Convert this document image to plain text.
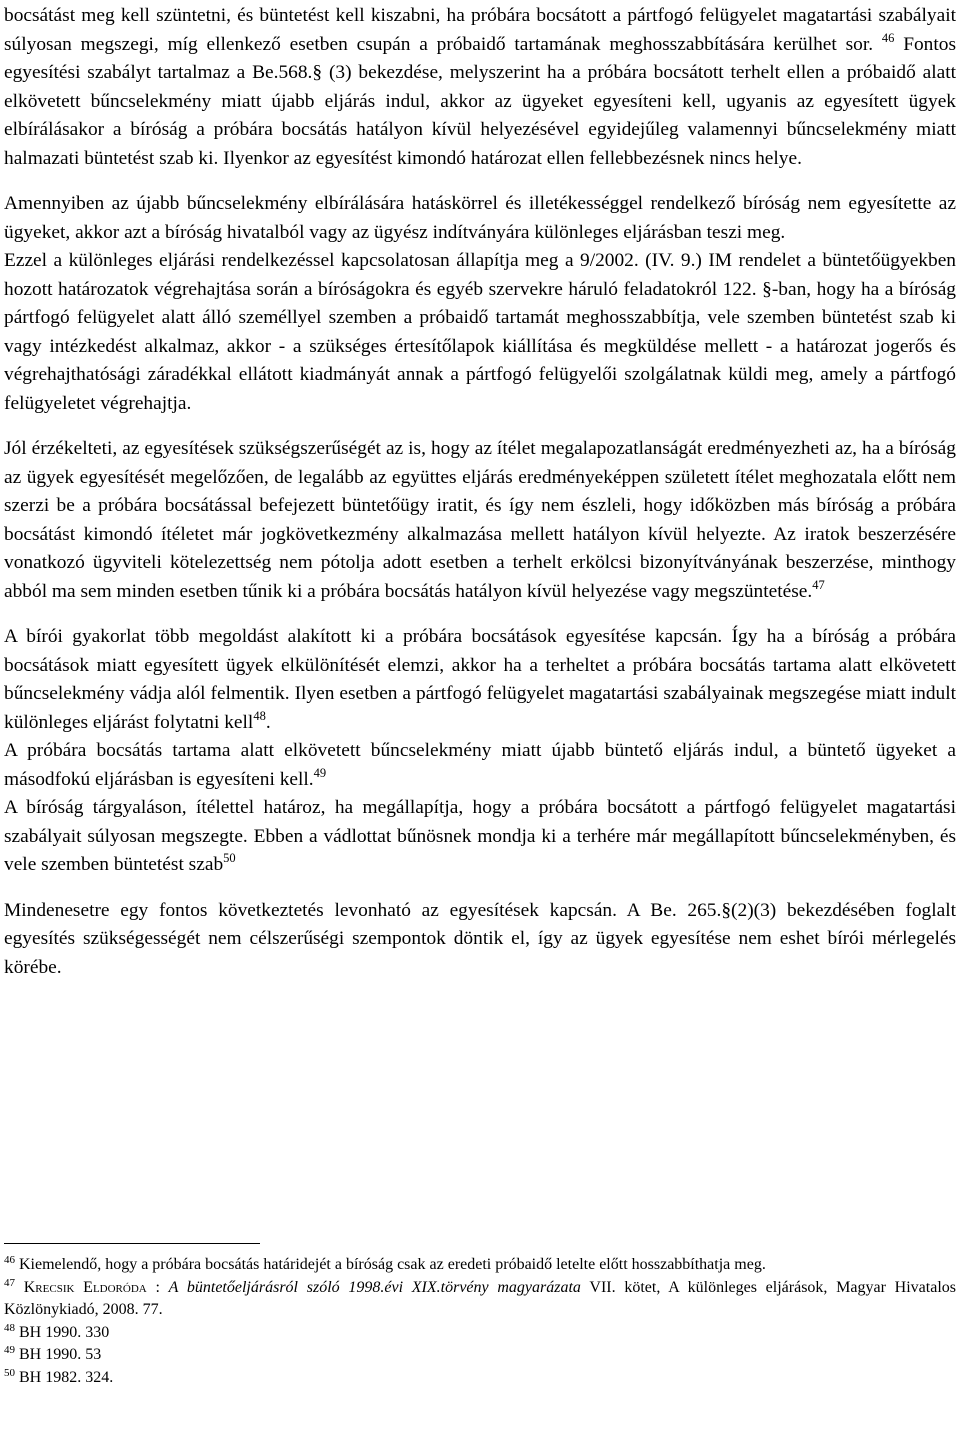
bocsátást meg kell szüntetni, és büntetést kell kiszabni, ha próbára bocsátott a pártfogó felügyelet magatartási szabályait súlyosan megszegi, míg ellenkező esetben csupán a próbaidő tartamának meghosszabbítására kerülhet sor. $^{46}$ Fontos egyesítési szabályt tartalmaz a Be.568.§ (3) bekezdése, melyszerint ha a próbára bocsátott terhelt ellen a próbaidő alatt elkövetett bűncselekmény miatt újabb eljárás indul, akkor az ügyeket egyesíteni kell, ugyanis az egyesített ügyek elbírálásakor a bíróság a próbára bocsátás hatályon kívül helyezésével egyidejűleg valamennyi bűncselekmény miatt halmazati büntetést szab ki. Ilyenkor az egyesítést kimondó határozat ellen fellebbezésnek nincs helye.

Amennyiben az újabb bűncselekmény elbírálására hatáskörrel és illetékességgel rendelkező bíróság nem egyesítette az ügyeket, akkor azt a bíróság hivatalból vagy az ügyész indítványára különleges eljárásban teszi meg.

Ezzel a különleges eljárási rendelkezéssel kapcsolatosan állapítja meg a 9/2002. (IV. 9.) IM rendelet a büntetőügyekben hozott határozatok végrehajtása során a bíróságokra és egyéb szervekre háruló feladatokról 122. §-ban, hogy ha a bíróság pártfogó felügyelet alatt álló személlyel szemben a próbaidő tartamát meghosszabbítja, vele szemben büntetést szab ki vagy intézkedést alkalmaz, akkor - a szükséges értesítőlapok kiállítása és megküldése mellett - a határozat jogerős és végrehajthatósági záradékkal ellátott kiadmányát annak a pártfogó felügyelői szolgálatnak küldi meg, amely a pártfogó felügyeletet végrehajtja.

Jól érzékelteti, az egyesítések szükségszerűségét az is, hogy az ítélet megalapozatlanságát eredményezheti az, ha a bíróság az ügyek egyesítését megelőzően, de legalább az együttes eljárás eredményeképpen született ítélet meghozatala előtt nem szerzi be a próbára bocsátással befejezett büntetőügy iratit, és így nem észleli, hogy időközben más bíróság a próbára bocsátást kimondó ítéletet már jogkövetkezmény alkalmazása mellett hatályon kívül helyezte. Az iratok beszerzésére vonatkozó ügyviteli kötelezettség nem pótolja adott esetben a terhelt erkölcsi bizonyítványának beszerzése, minthogy abból ma sem minden esetben tűnik ki a próbára bocsátás hatályon kívül helyezése vagy megszüntetése.$^{47}$

A bírói gyakorlat több megoldást alakított ki a próbára bocsátások egyesítése kapcsán. Így ha a bíróság a próbára bocsátások miatt egyesített ügyek elkülönítését elemzi, akkor ha a terheltet a próbára bocsátás tartama alatt elkövetett bűncselekmény vádja alól felmentik. Ilyen esetben a pártfogó felügyelet magatartási szabályainak megszegése miatt indult különleges eljárást folytatni kell$^{48}$.

A próbára bocsátás tartama alatt elkövetett bűncselekmény miatt újabb büntető eljárás indul, a büntető ügyeket a másodfokú eljárásban is egyesíteni kell.$^{49}$

A bíróság tárgyaláson, ítélettel határoz, ha megállapítja, hogy a próbára bocsátott a pártfogó felügyelet magatartási szabályait súlyosan megszegte. Ebben a vádlottat bűnösnek mondja ki a terhére már megállapított bűncselekményben, és vele szemben büntetést szab$^{50}$

Mindenesetre egy fontos következtetés levonható az egyesítések kapcsán. A Be. 265.§(2)(3) bekezdésében foglalt egyesítés szükségességét nem célszerűségi szempontok döntik el, így az ügyek egyesítése nem eshet bírói mérlegelés körébe.

$^{46}$ Kiemelendő, hogy a próbára bocsátás határidejét a bíróság csak az eredeti próbaidő letelte előtt hosszabbíthatja meg.

$^{47}$ Krecsik Eldoróda : A büntetőeljárásról szóló 1998.évi XIX.törvény magyarázata VII. kötet, A különleges eljárások, Magyar Hivatalos Közlönykiadó, 2008. 77.

$^{48}$ BH 1990. 330

$^{49}$ BH 1990. 53

$^{50}$ BH 1982. 324.
